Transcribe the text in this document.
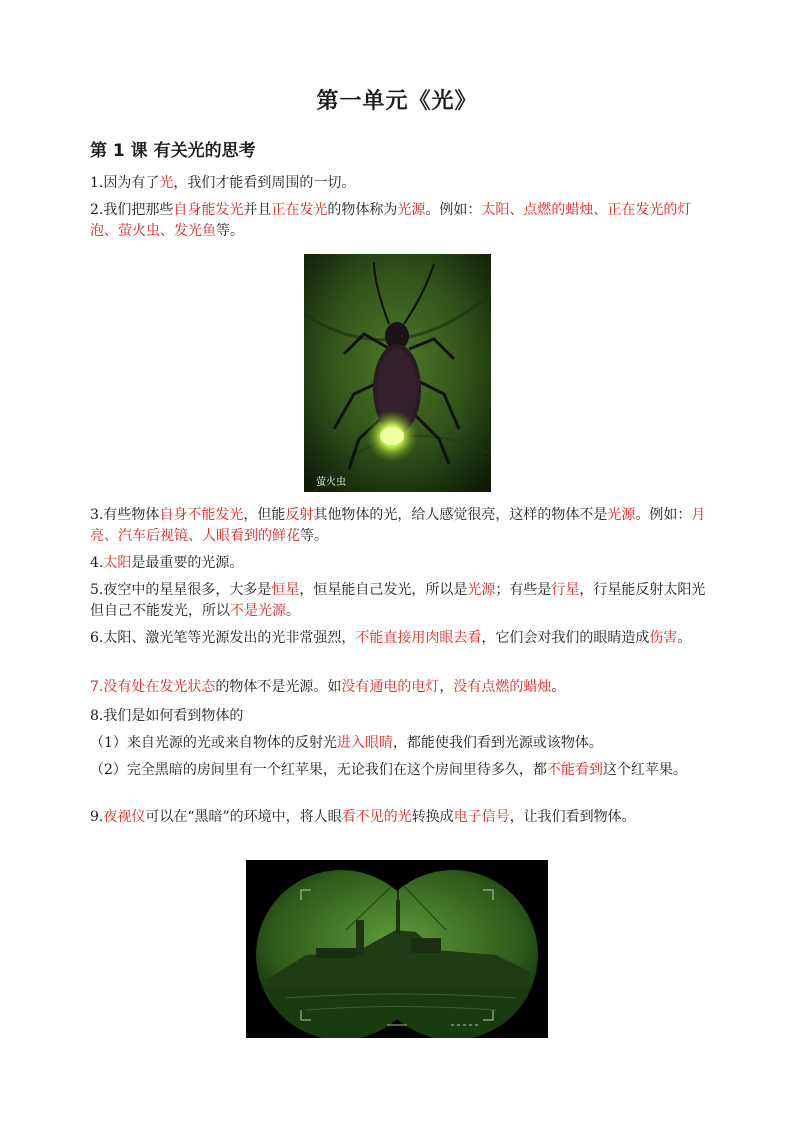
第一单元《光》
第 1 课 有关光的思考

1.因为有了光，我们才能看到周围的一切。

2.我们把那些自身能发光并且正在发光的物体称为光源。例如：太阳、点燃的蜡烛、正在发光的灯泡、萤火虫、发光鱼等。

萤火虫

3.有些物体自身不能发光，但能反射其他物体的光，给人感觉很亮，这样的物体不是光源。例如：月亮、汽车后视镜、人眼看到的鲜花等。

4.太阳是最重要的光源。

5.夜空中的星星很多，大多是恒星，恒星能自己发光，所以是光源；有些是行星，行星能反射太阳光但自己不能发光，所以不是光源。

6.太阳、激光笔等光源发出的光非常强烈，不能直接用肉眼去看，它们会对我们的眼睛造成伤害。

7.没有处在发光状态的物体不是光源。如没有通电的电灯，没有点燃的蜡烛。

8.我们是如何看到物体的

（1）来自光源的光或来自物体的反射光进入眼睛，都能使我们看到光源或该物体。

（2）完全黑暗的房间里有一个红苹果，无论我们在这个房间里待多久，都不能看到这个红苹果。

9.夜视仪可以在“黑暗”的环境中，将人眼看不见的光转换成电子信号，让我们看到物体。
